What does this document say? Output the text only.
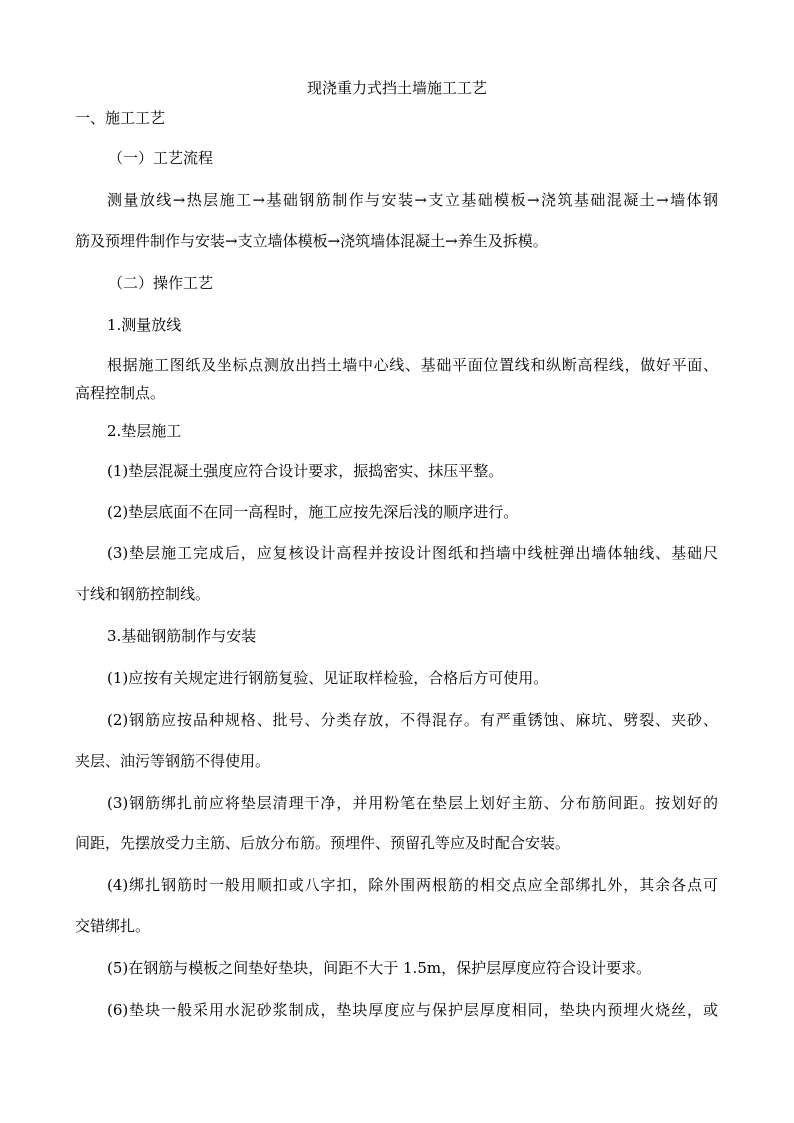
现浇重力式挡土墙施工工艺
一、施工工艺
（一）工艺流程
测量放线→热层施工→基础钢筋制作与安装→支立基础模板→浇筑基础混凝土→墙体钢
筋及预埋件制作与安装→支立墙体模板→浇筑墙体混凝土→养生及拆模。
（二）操作工艺
1.测量放线
根据施工图纸及坐标点测放出挡土墙中心线、基础平面位置线和纵断高程线，做好平面、
高程控制点。
2.垫层施工
(1)垫层混凝土强度应符合设计要求，振捣密实、抹压平整。
(2)垫层底面不在同一高程时，施工应按先深后浅的顺序进行。
(3)垫层施工完成后，应复核设计高程并按设计图纸和挡墙中线桩弹出墙体轴线、基础尺
寸线和钢筋控制线。
3.基础钢筋制作与安装
(1)应按有关规定进行钢筋复验、见证取样检验，合格后方可使用。
(2)钢筋应按品种规格、批号、分类存放，不得混存。有严重锈蚀、麻坑、劈裂、夹砂、
夹层、油污等钢筋不得使用。
(3)钢筋绑扎前应将垫层清理干净，并用粉笔在垫层上划好主筋、分布筋间距。按划好的
间距，先摆放受力主筋、后放分布筋。预埋件、预留孔等应及时配合安装。
(4)绑扎钢筋时一般用顺扣或八字扣，除外围两根筋的相交点应全部绑扎外，其余各点可
交错绑扎。
(5)在钢筋与模板之间垫好垫块，间距不大于 1.5m，保护层厚度应符合设计要求。
(6)垫块一般采用水泥砂浆制成，垫块厚度应与保护层厚度相同，垫块内预埋火烧丝，或
